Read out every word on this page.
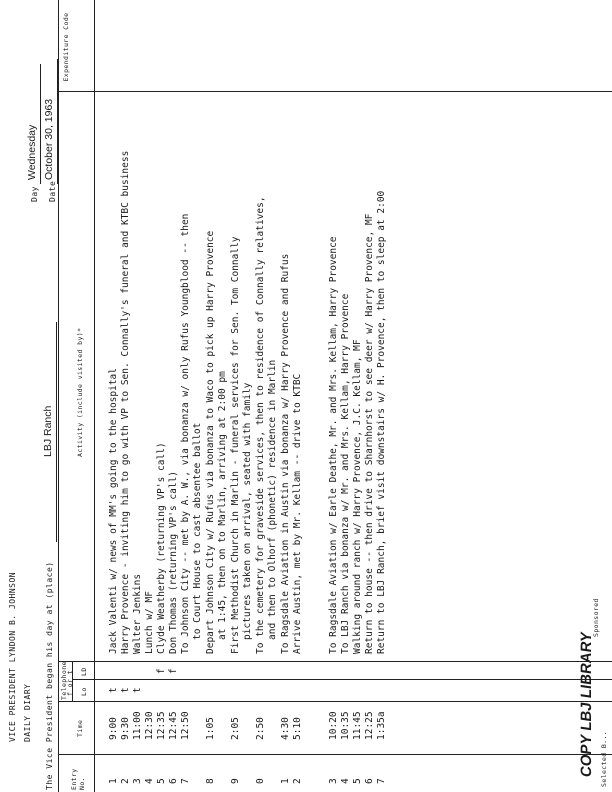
VICE PRESIDENT LYNDON B. JOHNSON DAILY DIARY The Vice President began his day at (place)
LBJ Ranch
Day
Wednesday
Date
October 30, 1963
Entry No.
Time
Telephone
f or t Lo
LD
Activity (include visited by)*
Expenditure Code
1
9:00
t
Jack Valenti w/ news of MM's going to the hospital
2
9:30
t
Harry Provence - inviting him to go with VP to Sen. Connally's funeral and KTBC business
3
11:00
t
Walter Jenkins
4
12:30
Lunch w/ MF
5
12:35
f
Clyde Weatherby (returning VP's call)
6
12:45
f
Don Thomas (returning VP's call)
7
12:50
To Johnson City -- met by A. W., via bonanza w/ only Rufus Youngblood -- then to Court House to cast absentee ballot
8
1:05
Depart Johnson City w/ Rufus via bonanza to Waco to pick up Harry Provence at 1:45, then on to Marlin, arriving at 2:00 pm
9
2:05
First Methodist Church in Marlin - funeral services for Sen. Tom Connally pictures taken on arrival, seated with family
0
2:50
To the cemetery for graveside services, then to residence of Connally relatives, and then to Olhorf (phonetic) residence in Marlin
1
4:30
To Ragsdale Aviation in Austin via bonanza w/ Harry Provence and Rufus
2
5:10
Arrive Austin, met by Mr. Kellam -- drive to KTBC
3
10:20
To Ragsdale Aviation w/ Earle Deathe, Mr. and Mrs. Kellam, Harry Provence
4
10:35
To LBJ Ranch via bonanza w/ Mr. and Mrs. Kellam, Harry Provence
5
11:45
Walking around ranch w/ Harry Provence, J.C. Kellam, MF
6
12:25
Return to house -- then drive to Sharnhorst to see deer w/ Harry Provence, MF
7
1:35a
Return to LBJ Ranch, brief visit downstairs w/ H. Provence, then to sleep at 2:00
COPY LBJ LIBRARY
Sponsored
Selected B...
